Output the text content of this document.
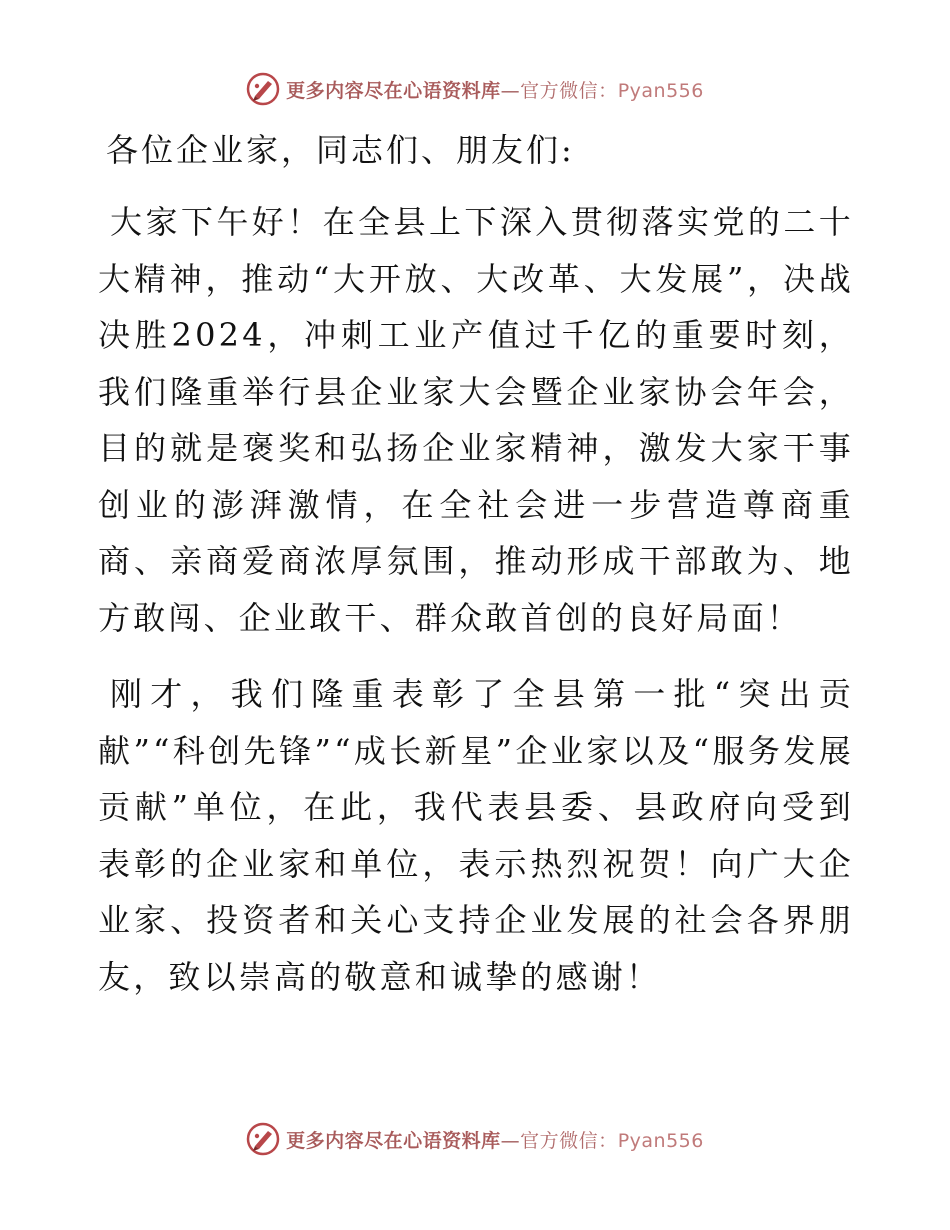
更多内容尽在心语资料库—官方微信：Pyan556
各位企业家，同志们、朋友们:

大家下午好！在全县上下深入贯彻落实党的二十大精神，推动“大开放、大改革、大发展”，决战决胜2024，冲刺工业产值过千亿的重要时刻，我们隆重举行县企业家大会暨企业家协会年会，目的就是褒奖和弘扬企业家精神，激发大家干事创业的澎湃激情，在全社会进一步营造尊商重商、亲商爱商浓厚氛围，推动形成干部敢为、地方敢闯、企业敢干、群众敢首创的良好局面！

刚才，我们隆重表彰了全县第一批“突出贡献”“科创先锋”“成长新星”企业家以及“服务发展贡献”单位，在此，我代表县委、县政府向受到表彰的企业家和单位，表示热烈祝贺！向广大企业家、投资者和关心支持企业发展的社会各界朋友，致以崇高的敬意和诚挚的感谢！

更多内容尽在心语资料库—官方微信：Pyan556
